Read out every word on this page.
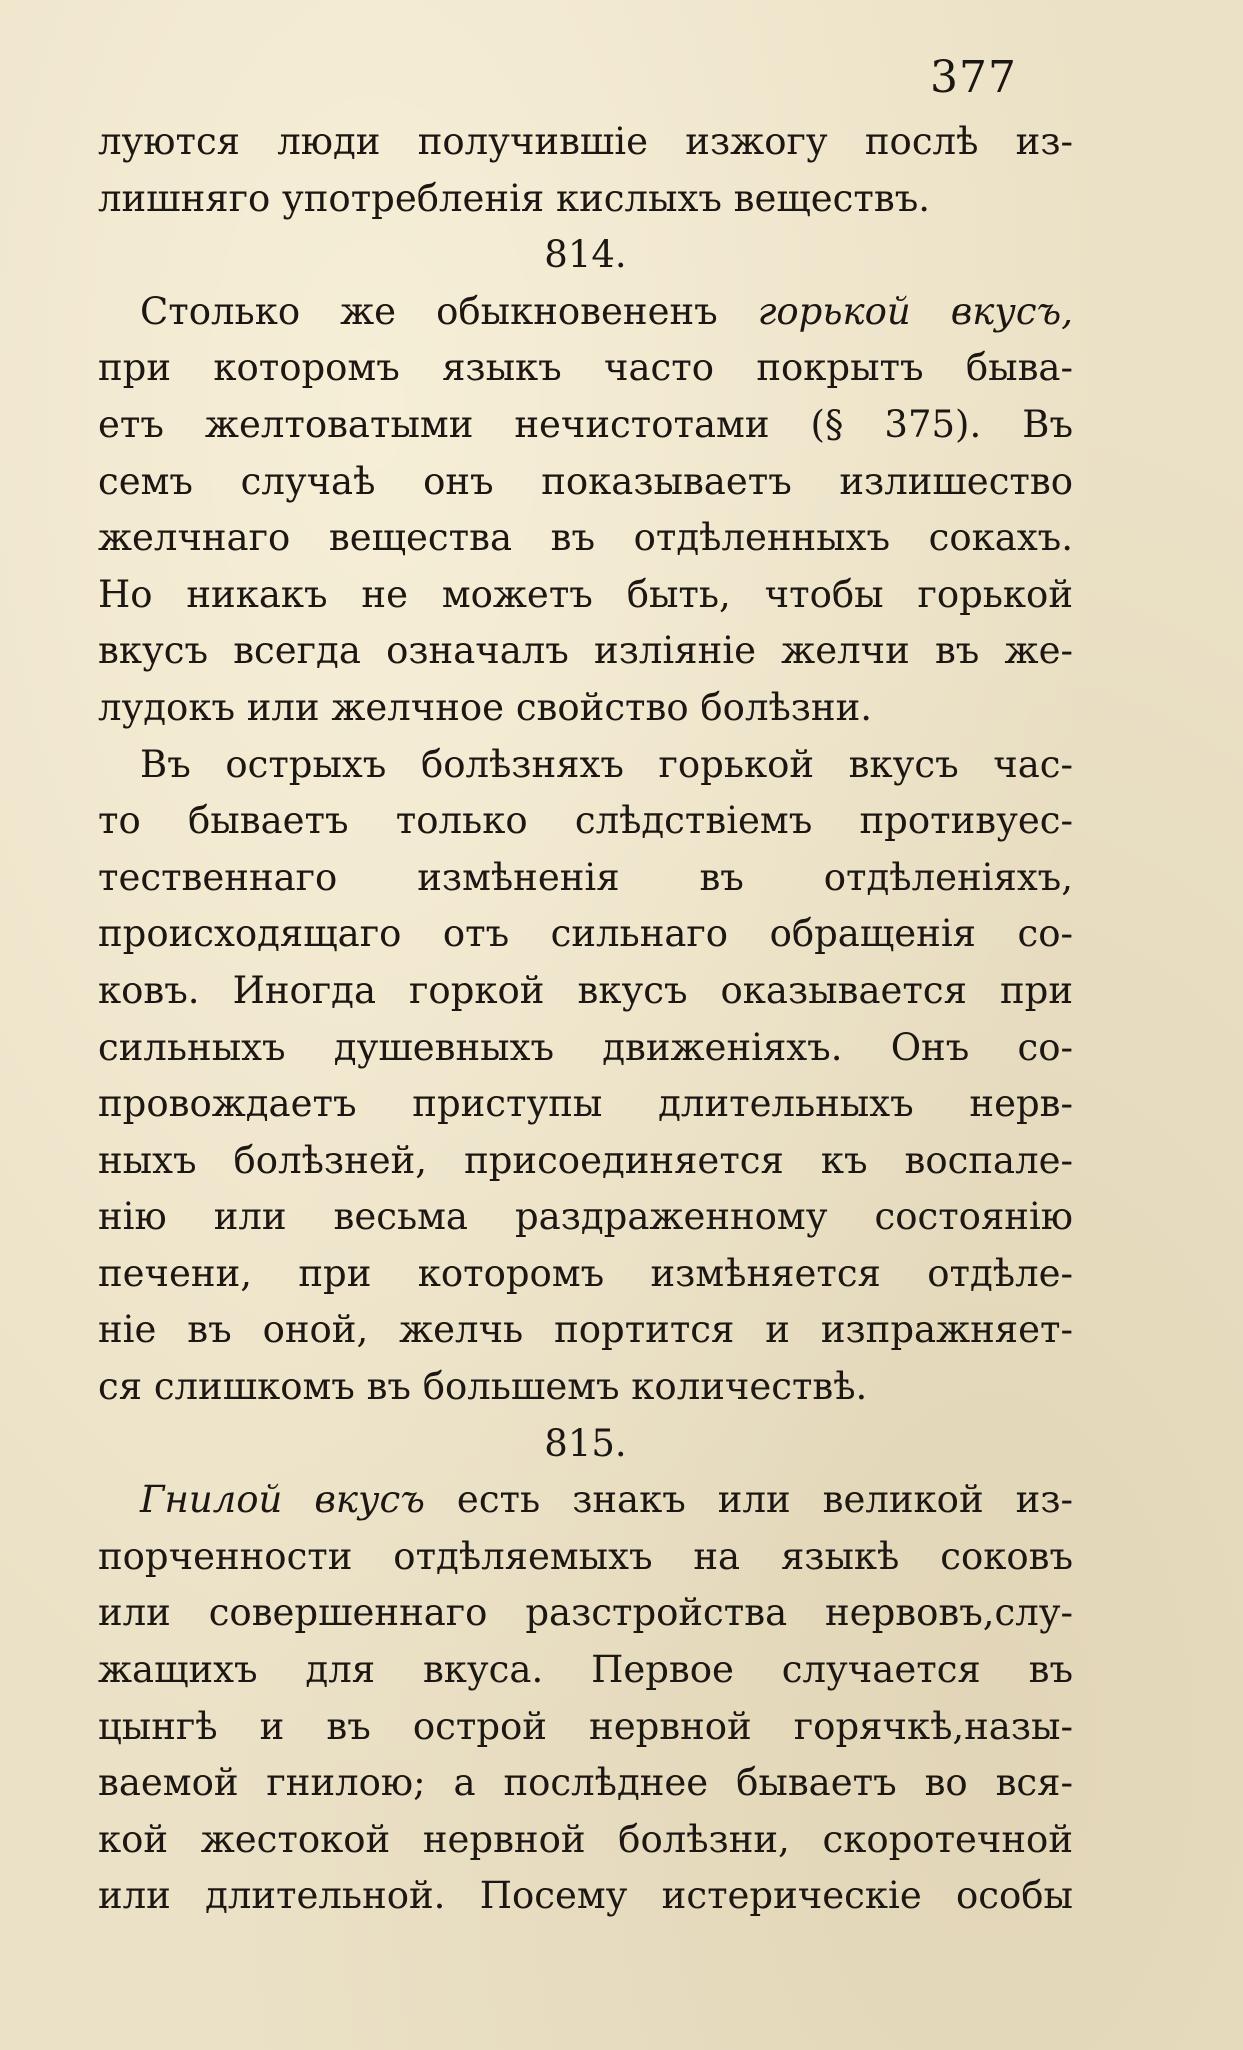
377
луются люди получившіе изжогу послѣ из-
лишняго употребленія кислыхъ веществъ.
814.
Столько же обыкновененъ горькой вкусъ,
при которомъ языкъ часто покрытъ быва-
етъ желтоватыми нечистотами (§ 375). Въ
семъ случаѣ онъ показываетъ излишество
желчнаго вещества въ отдѣленныхъ сокахъ.
Но никакъ не можетъ быть, чтобы горькой
вкусъ всегда означалъ изліяніе желчи въ же-
лудокъ или желчное свойство болѣзни.
Въ острыхъ болѣзняхъ горькой вкусъ час-
то бываетъ только слѣдствіемъ противуес-
тественнаго измѣненія въ отдѣленіяхъ,
происходящаго отъ сильнаго обращенія со-
ковъ. Иногда горкой вкусъ оказывается при
сильныхъ душевныхъ движеніяхъ. Онъ со-
провождаетъ приступы длительныхъ нерв-
ныхъ болѣзней, присоединяется къ воспале-
нію или весьма раздраженному состоянію
печени, при которомъ измѣняется отдѣле-
ніе въ оной, желчь портится и изпражняет-
ся слишкомъ въ большемъ количествѣ.
815.
Гнилой вкусъ есть знакъ или великой из-
порченности отдѣляемыхъ на языкѣ соковъ
или совершеннаго разстройства нервовъ,слу-
жащихъ для вкуса. Первое случается въ
цынгѣ и въ острой нервной горячкѣ,назы-
ваемой гнилою; а послѣднее бываетъ во вся-
кой жестокой нервной болѣзни, скоротечной
или длительной. Посему истерическіе особы
